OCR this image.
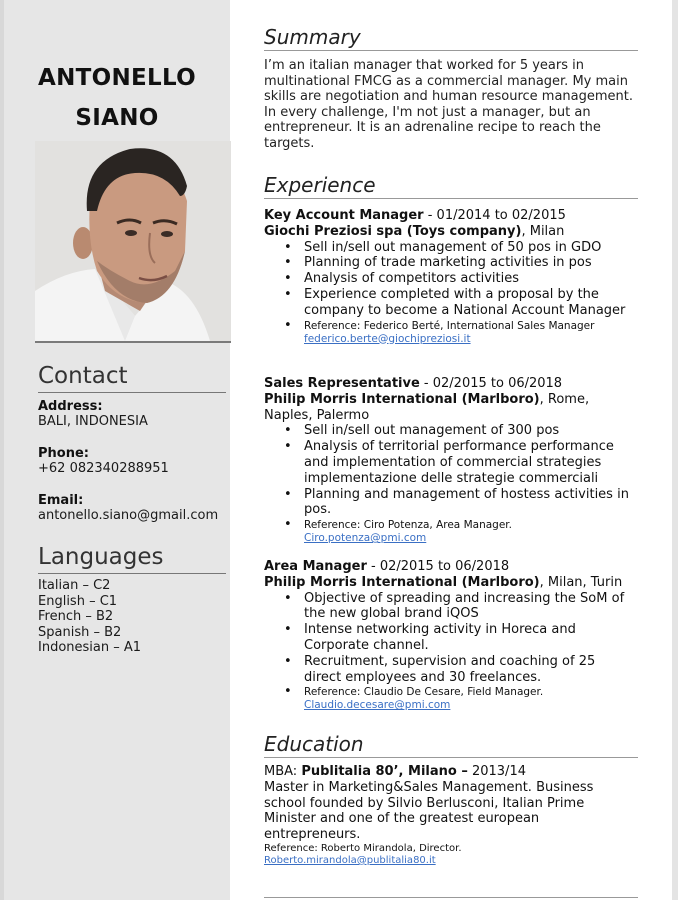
ANTONELLO
SIANO
Contact
Address:
BALI, INDONESIA
Phone:
+62 082340288951
Email:
antonello.siano@gmail.com
Languages
Italian – C2
English – C1
French – B2
Spanish – B2
Indonesian – A1
Summary
I’m an italian manager that worked for 5 years in multinational FMCG as a commercial manager. My main skills are negotiation and human resource management. In every challenge, I'm not just a manager, but an entrepreneur. It is an adrenaline recipe to reach the targets.
Experience
Key Account Manager - 01/2014 to 02/2015
Giochi Preziosi spa (Toys company), Milan
• Sell in/sell out management of 50 pos in GDO
• Planning of trade marketing activities in pos
• Analysis of competitors activities
• Experience completed with a proposal by the company to become a National Account Manager
• Reference: Federico Berté, International Sales Manager
federico.berte@giochipreziosi.it
Sales Representative - 02/2015 to 06/2018
Philip Morris International (Marlboro), Rome, Naples, Palermo
• Sell in/sell out management of 300 pos
• Analysis of territorial performance performance and implementation of commercial strategies implementazione delle strategie commerciali
• Planning and management of hostess activities in pos.
• Reference: Ciro Potenza, Area Manager.
Ciro.potenza@pmi.com
Area Manager - 02/2015 to 06/2018
Philip Morris International (Marlboro), Milan, Turin
• Objective of spreading and increasing the SoM of the new global brand iQOS
• Intense networking activity in Horeca and Corporate channel.
• Recruitment, supervision and coaching of 25 direct employees and 30 freelances.
• Reference: Claudio De Cesare, Field Manager.
Claudio.decesare@pmi.com
Education
MBA: Publitalia 80’, Milano – 2013/14
Master in Marketing&Sales Management. Business school founded by Silvio Berlusconi, Italian Prime Minister and one of the greatest european entrepreneurs.
Reference: Roberto Mirandola, Director.
Roberto.mirandola@publitalia80.it
